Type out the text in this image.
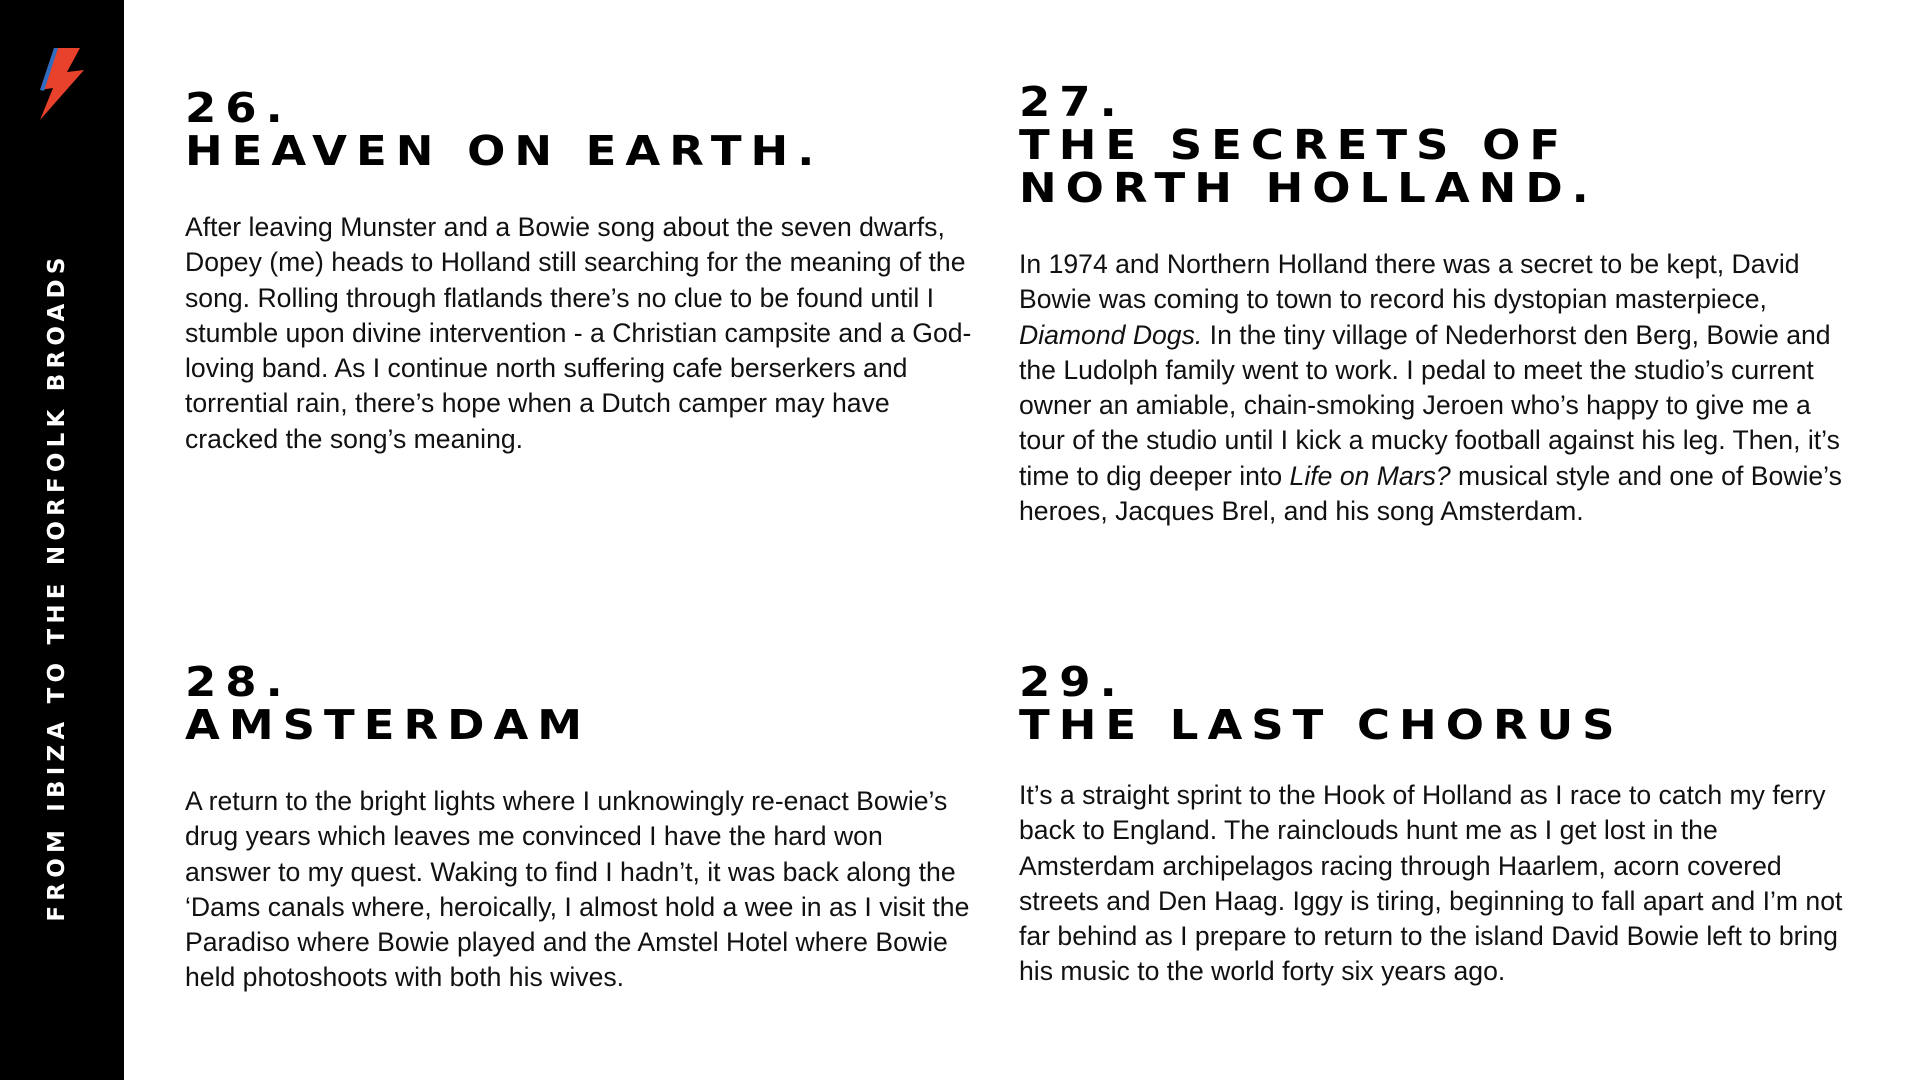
FROM IBIZA TO THE NORFOLK BROADS
26.
HEAVEN ON EARTH.

After leaving Munster and a Bowie song about the seven dwarfs, Dopey (me) heads to Holland still searching for the meaning of the song. Rolling through flatlands there’s no clue to be found until I stumble upon divine intervention - a Christian campsite and a God-loving band. As I continue north suffering cafe berserkers and torrential rain, there’s hope when a Dutch camper may have cracked the song’s meaning.

27.
THE SECRETS OF
NORTH HOLLAND.

In 1974 and Northern Holland there was a secret to be kept, David Bowie was coming to town to record his dystopian masterpiece, Diamond Dogs. In the tiny village of Nederhorst den Berg, Bowie and the Ludolph family went to work. I pedal to meet the studio’s current owner an amiable, chain-smoking Jeroen who’s happy to give me a tour of the studio until I kick a mucky football against his leg. Then, it’s time to dig deeper into Life on Mars? musical style and one of Bowie’s heroes, Jacques Brel, and his song Amsterdam.

28.
AMSTERDAM

A return to the bright lights where I unknowingly re-enact Bowie’s drug years which leaves me convinced I have the hard won answer to my quest. Waking to find I hadn’t, it was back along the ‘Dams canals where, heroically, I almost hold a wee in as I visit the Paradiso where Bowie played and the Amstel Hotel where Bowie held photoshoots with both his wives.

29.
THE LAST CHORUS

It’s a straight sprint to the Hook of Holland as I race to catch my ferry back to England. The rainclouds hunt me as I get lost in the Amsterdam archipelagos racing through Haarlem, acorn covered streets and Den Haag. Iggy is tiring, beginning to fall apart and I’m not far behind as I prepare to return to the island David Bowie left to bring his music to the world forty six years ago.
